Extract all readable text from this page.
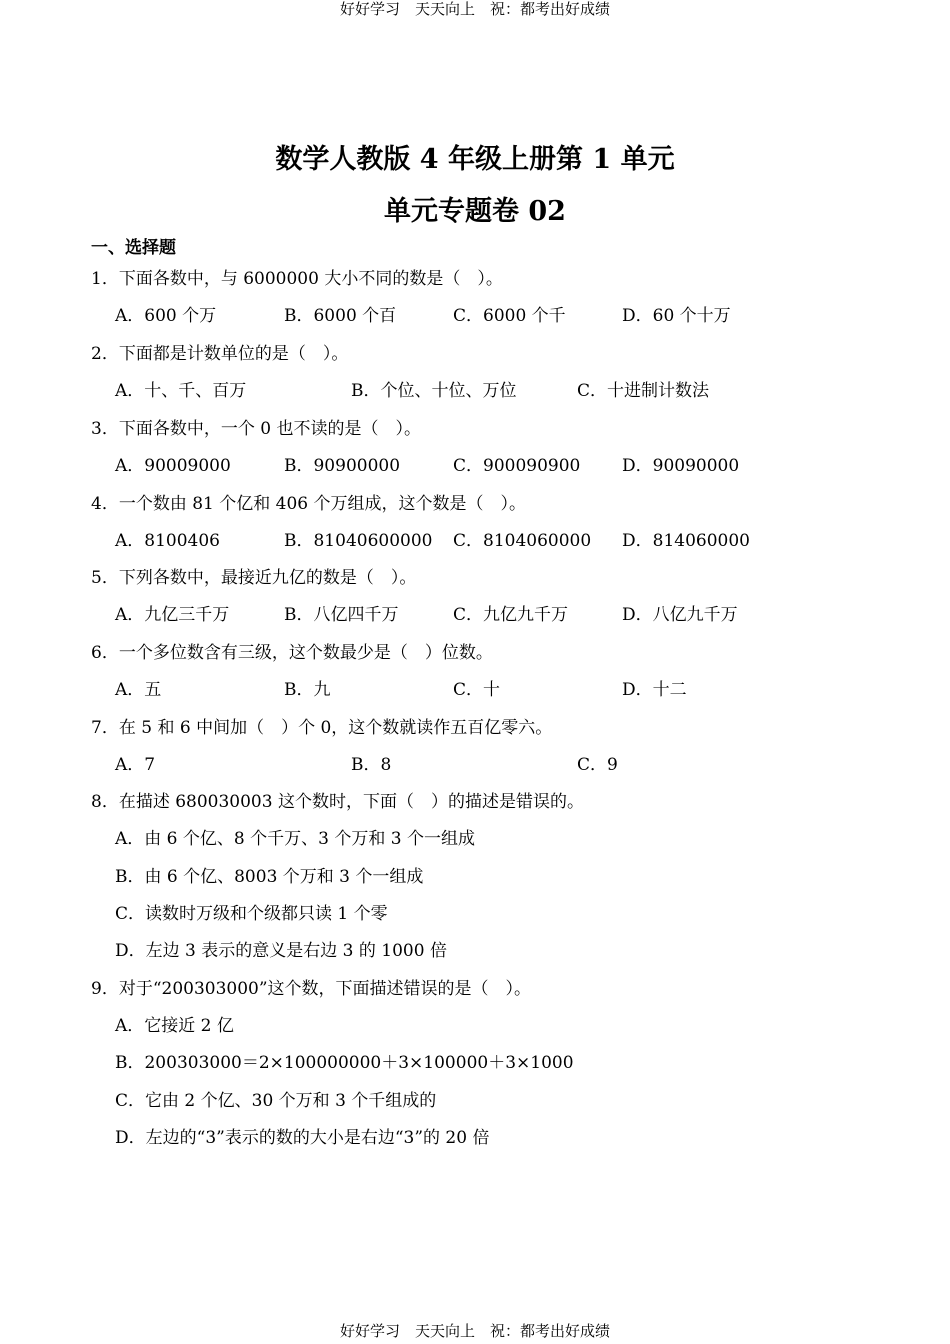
好好学习　天天向上　祝：都考出好成绩
数学人教版 4 年级上册第 1 单元
单元专题卷 02
一、选择题
1．下面各数中，与 6000000 大小不同的数是（　）。
A．600 个万	B．6000 个百	C．6000 个千	D．60 个十万
2．下面都是计数单位的是（　）。
A．十、千、百万	B．个位、十位、万位	C．十进制计数法
3．下面各数中，一个 0 也不读的是（　）。
A．90009000	B．90900000	C．900090900 D．90090000
4．一个数由 81 个亿和 406 个万组成，这个数是（　）。
A．8100406	B．81040600000 C．8104060000 D．814060000
5．下列各数中，最接近九亿的数是（　）。
A．九亿三千万	B．八亿四千万	C．九亿九千万	D．八亿九千万
6．一个多位数含有三级，这个数最少是（　）位数。
A．五	B．九	C．十	D．十二
7．在 5 和 6 中间加（　）个 0，这个数就读作五百亿零六。
A．7	B．8	C．9
8．在描述 680030003 这个数时，下面（　）的描述是错误的。
A．由 6 个亿、8 个千万、3 个万和 3 个一组成
B．由 6 个亿、8003 个万和 3 个一组成
C．读数时万级和个级都只读 1 个零
D．左边 3 表示的意义是右边 3 的 1000 倍
9．对于“200303000”这个数，下面描述错误的是（　）。
A．它接近 2 亿
B．200303000＝2×100000000＋3×100000＋3×1000
C．它由 2 个亿、30 个万和 3 个千组成的
D．左边的“3”表示的数的大小是右边“3”的 20 倍
好好学习　天天向上　祝：都考出好成绩
